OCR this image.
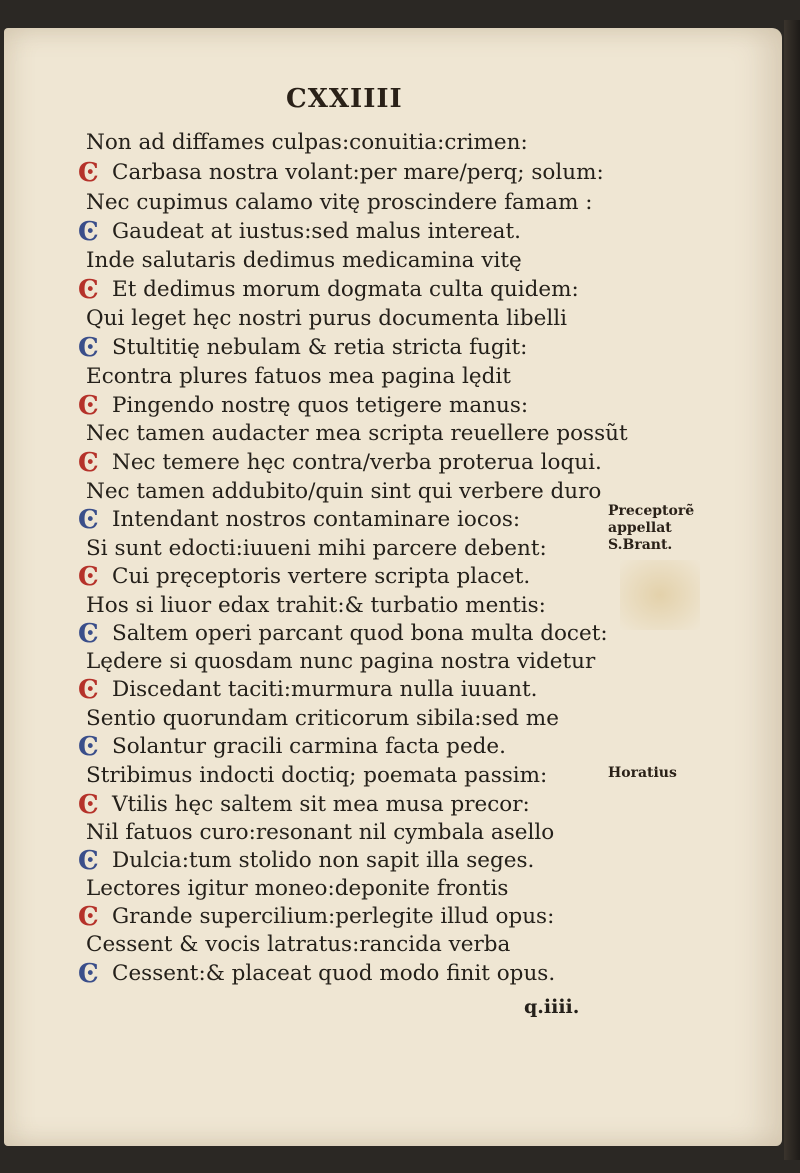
CXXIIII
Non ad diffames culpas:conuitia:crimen:
Ͼ Carbasa nostra volant:per mare/perq; solum:
Nec cupimus calamo vitę proscindere famam :
Ͼ Gaudeat at iustus:sed malus intereat.
Inde salutaris dedimus medicamina vitę
Ͼ Et dedimus morum dogmata culta quidem:
Qui leget hęc nostri purus documenta libelli
Ͼ Stultitię nebulam & retia stricta fugit:
Econtra plures fatuos mea pagina lędit
Ͼ Pingendo nostrę quos tetigere manus:
Nec tamen audacter mea scripta reuellere possũt
Ͼ Nec temere hęc contra/verba proterua loqui.
Nec tamen addubito/quin sint qui verbere duro
Ͼ Intendant nostros contaminare iocos:
Si sunt edocti:iuueni mihi parcere debent:
Ͼ Cui pręceptoris vertere scripta placet.
Hos si liuor edax trahit:& turbatio mentis:
Ͼ Saltem operi parcant quod bona multa docet:
Lędere si quosdam nunc pagina nostra videtur
Ͼ Discedant taciti:murmura nulla iuuant.
Sentio quorundam criticorum sibila:sed me
Ͼ Solantur gracili carmina facta pede.
Stribimus indocti doctiq; poemata passim:
Ͼ Vtilis hęc saltem sit mea musa precor:
Nil fatuos curo:resonant nil cymbala asello
Ͼ Dulcia:tum stolido non sapit illa seges.
Lectores igitur moneo:deponite frontis
Ͼ Grande supercilium:perlegite illud opus:
Cessent & vocis latratus:rancida verba
Ͼ Cessent:& placeat quod modo finit opus.
Preceptorẽ
appellat
S.Brant.
Horatius
q.iiii.
